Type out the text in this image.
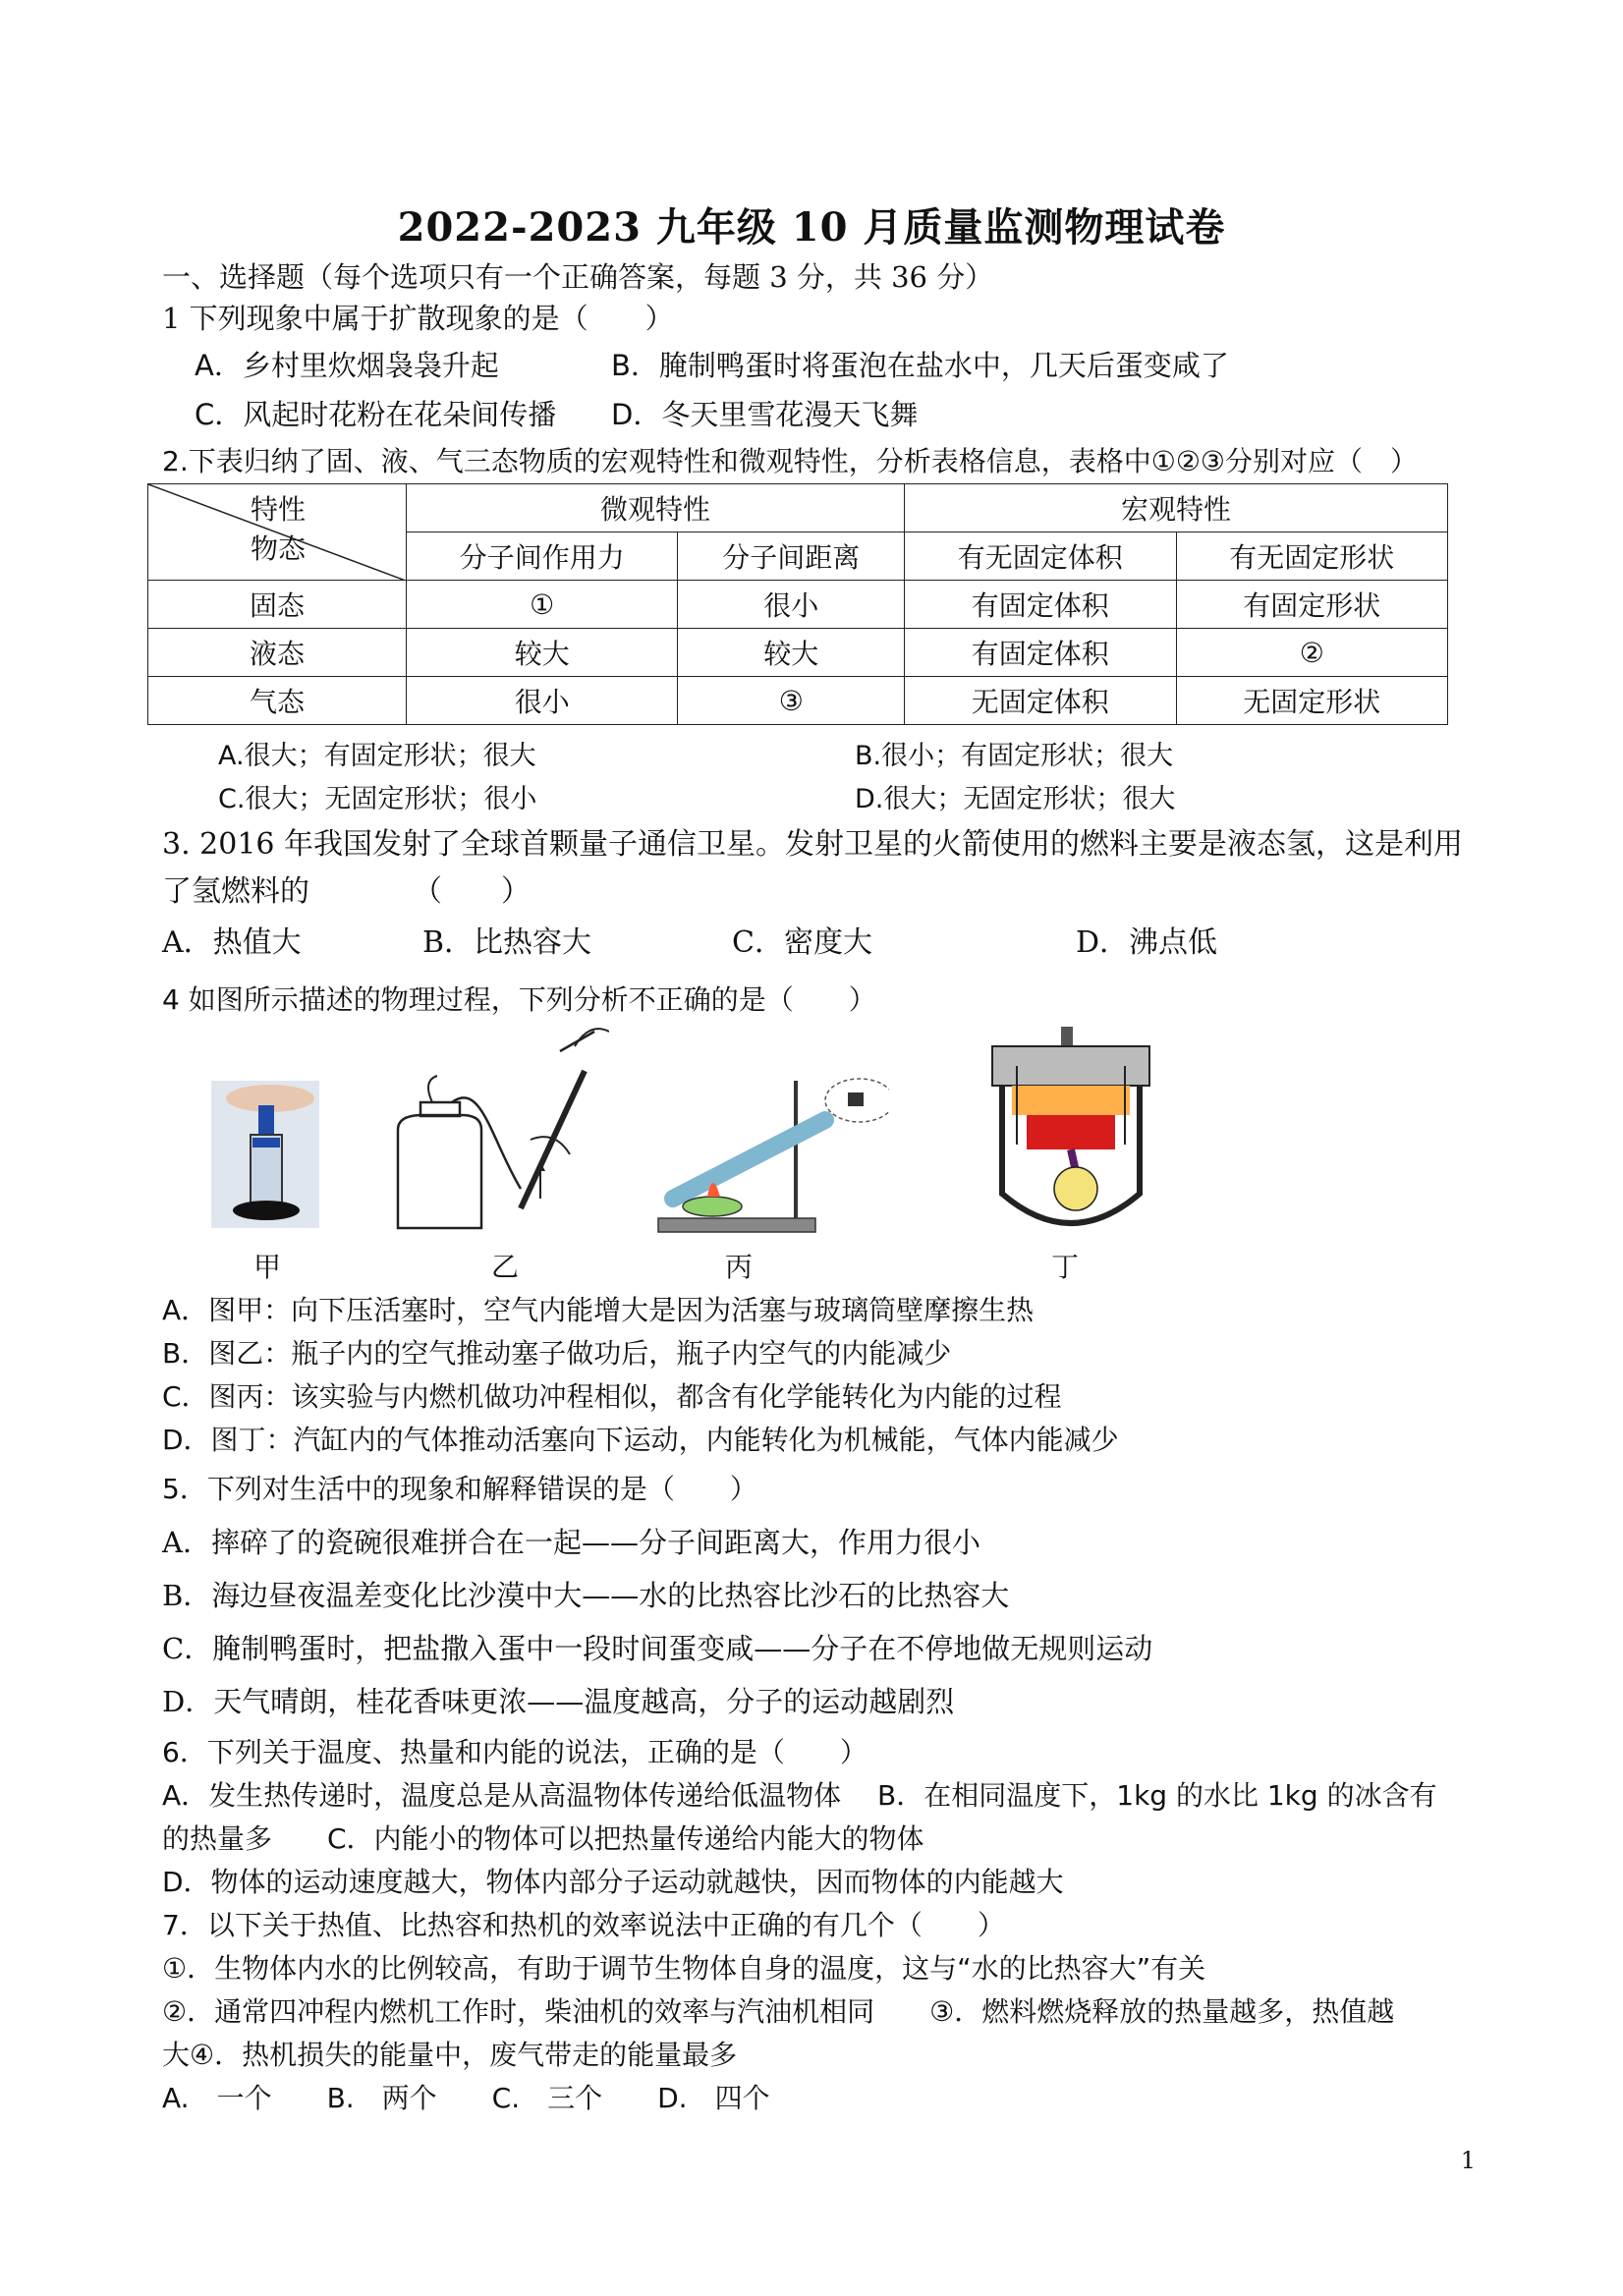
2022-2023 九年级 10 月质量监测物理试卷
一、选择题（每个选项只有一个正确答案，每题 3 分，共 36 分）
1 下列现象中属于扩散现象的是（　　）
A．乡村里炊烟袅袅升起	B．腌制鸭蛋时将蛋泡在盐水中，几天后蛋变咸了
C．风起时花粉在花朵间传播 D．冬天里雪花漫天飞舞
2.下表归纳了固、液、气三态物质的宏观特性和微观特性，分析表格信息，表格中①②③分别对应（　）
特性
物态	微观特性		宏观特性	
	分子间作用力	分子间距离	有无固定体积	有无固定形状
固态	①	很小	有固定体积	有固定形状
液态	较大	较大	有固定体积	②
气态	很小	③	无固定体积	无固定形状
A.很大；有固定形状；很大	B.很小；有固定形状；很大
C.很大；无固定形状；很小	D.很大；无固定形状；很大
3. 2016 年我国发射了全球首颗量子通信卫星。发射卫星的火箭使用的燃料主要是液态氢，这是利用
了氢燃料的　　　　（　　）
A．热值大	B．比热容大	C．密度大	D．沸点低
4 如图所示描述的物理过程，下列分析不正确的是（　　）
甲	乙	丙	丁
A．图甲：向下压活塞时，空气内能增大是因为活塞与玻璃筒壁摩擦生热
B．图乙：瓶子内的空气推动塞子做功后，瓶子内空气的内能减少
C．图丙：该实验与内燃机做功冲程相似，都含有化学能转化为内能的过程
D．图丁：汽缸内的气体推动活塞向下运动，内能转化为机械能，气体内能减少
5．下列对生活中的现象和解释错误的是（　　）
A．摔碎了的瓷碗很难拼合在一起——分子间距离大，作用力很小
B．海边昼夜温差变化比沙漠中大——水的比热容比沙石的比热容大
C．腌制鸭蛋时，把盐撒入蛋中一段时间蛋变咸——分子在不停地做无规则运动
D．天气晴朗，桂花香味更浓——温度越高，分子的运动越剧烈
6．下列关于温度、热量和内能的说法，正确的是（　　）
A．发生热传递时，温度总是从高温物体传递给低温物体　 B．在相同温度下，1kg 的水比 1kg 的冰含有
的热量多　　C．内能小的物体可以把热量传递给内能大的物体
D．物体的运动速度越大，物体内部分子运动就越快，因而物体的内能越大
7．以下关于热值、比热容和热机的效率说法中正确的有几个（　　）
①．生物体内水的比例较高，有助于调节生物体自身的温度，这与“水的比热容大”有关
②．通常四冲程内燃机工作时，柴油机的效率与汽油机相同　　③．燃料燃烧释放的热量越多，热值越
大④．热机损失的能量中，废气带走的能量最多
A.　一个　　B.　两个　　C.　三个　　D.　四个
1
